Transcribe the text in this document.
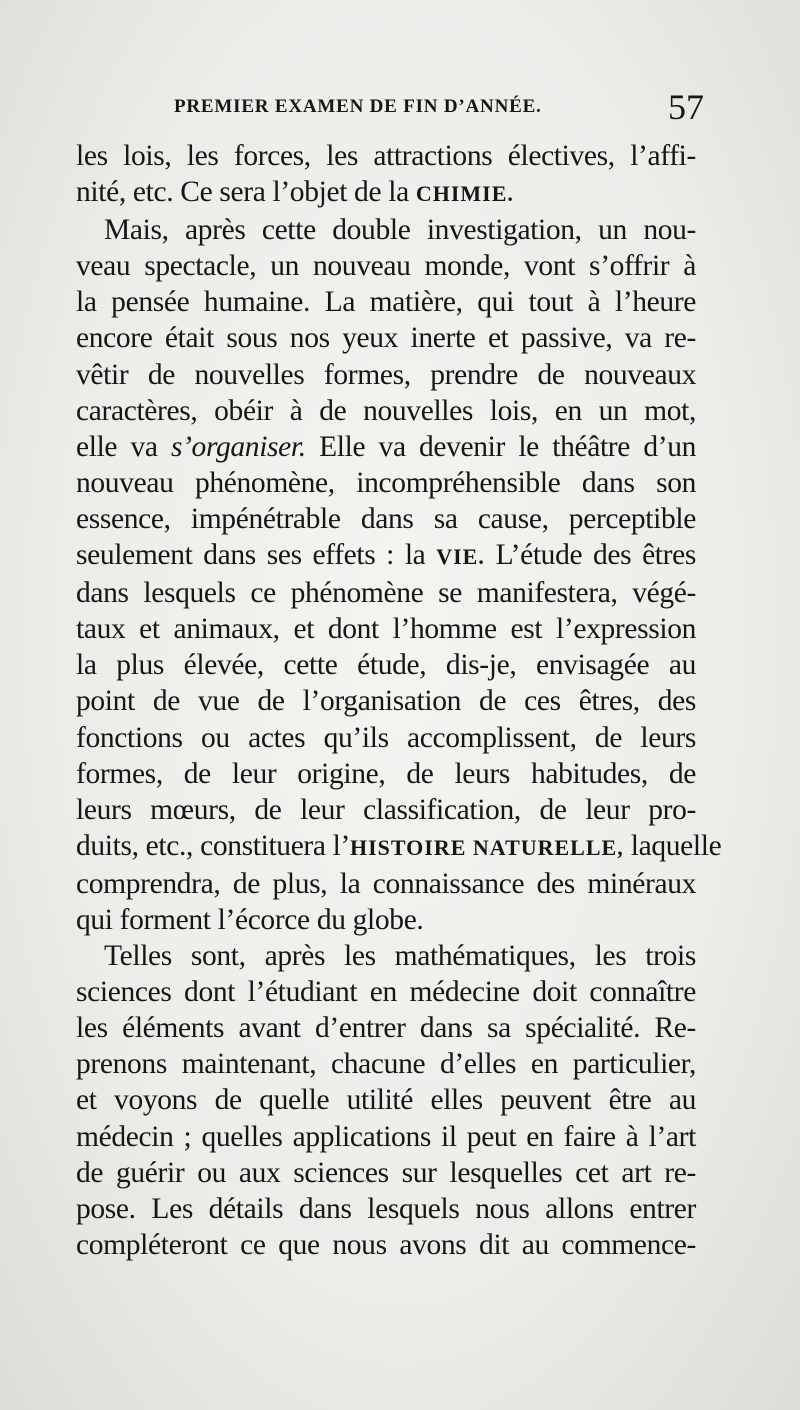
PREMIER EXAMEN DE FIN D’ANNÉE.	57
les lois, les forces, les attractions électives, l’affi-
nité, etc. Ce sera l’objet de la CHIMIE.
Mais, après cette double investigation, un nou-
veau spectacle, un nouveau monde, vont s’offrir à
la pensée humaine. La matière, qui tout à l’heure
encore était sous nos yeux inerte et passive, va re-
vêtir de nouvelles formes, prendre de nouveaux
caractères, obéir à de nouvelles lois, en un mot,
elle va s’organiser. Elle va devenir le théâtre d’un
nouveau phénomène, incompréhensible dans son
essence, impénétrable dans sa cause, perceptible
seulement dans ses effets : la VIE. L’étude des êtres
dans lesquels ce phénomène se manifestera, végé-
taux et animaux, et dont l’homme est l’expression
la plus élevée, cette étude, dis-je, envisagée au
point de vue de l’organisation de ces êtres, des
fonctions ou actes qu’ils accomplissent, de leurs
formes, de leur origine, de leurs habitudes, de
leurs mœurs, de leur classification, de leur pro-
duits, etc., constituera l’HISTOIRE NATURELLE, laquelle
comprendra, de plus, la connaissance des minéraux
qui forment l’écorce du globe.
Telles sont, après les mathématiques, les trois
sciences dont l’étudiant en médecine doit connaître
les éléments avant d’entrer dans sa spécialité. Re-
prenons maintenant, chacune d’elles en particulier,
et voyons de quelle utilité elles peuvent être au
médecin ; quelles applications il peut en faire à l’art
de guérir ou aux sciences sur lesquelles cet art re-
pose. Les détails dans lesquels nous allons entrer
compléteront ce que nous avons dit au commence-
